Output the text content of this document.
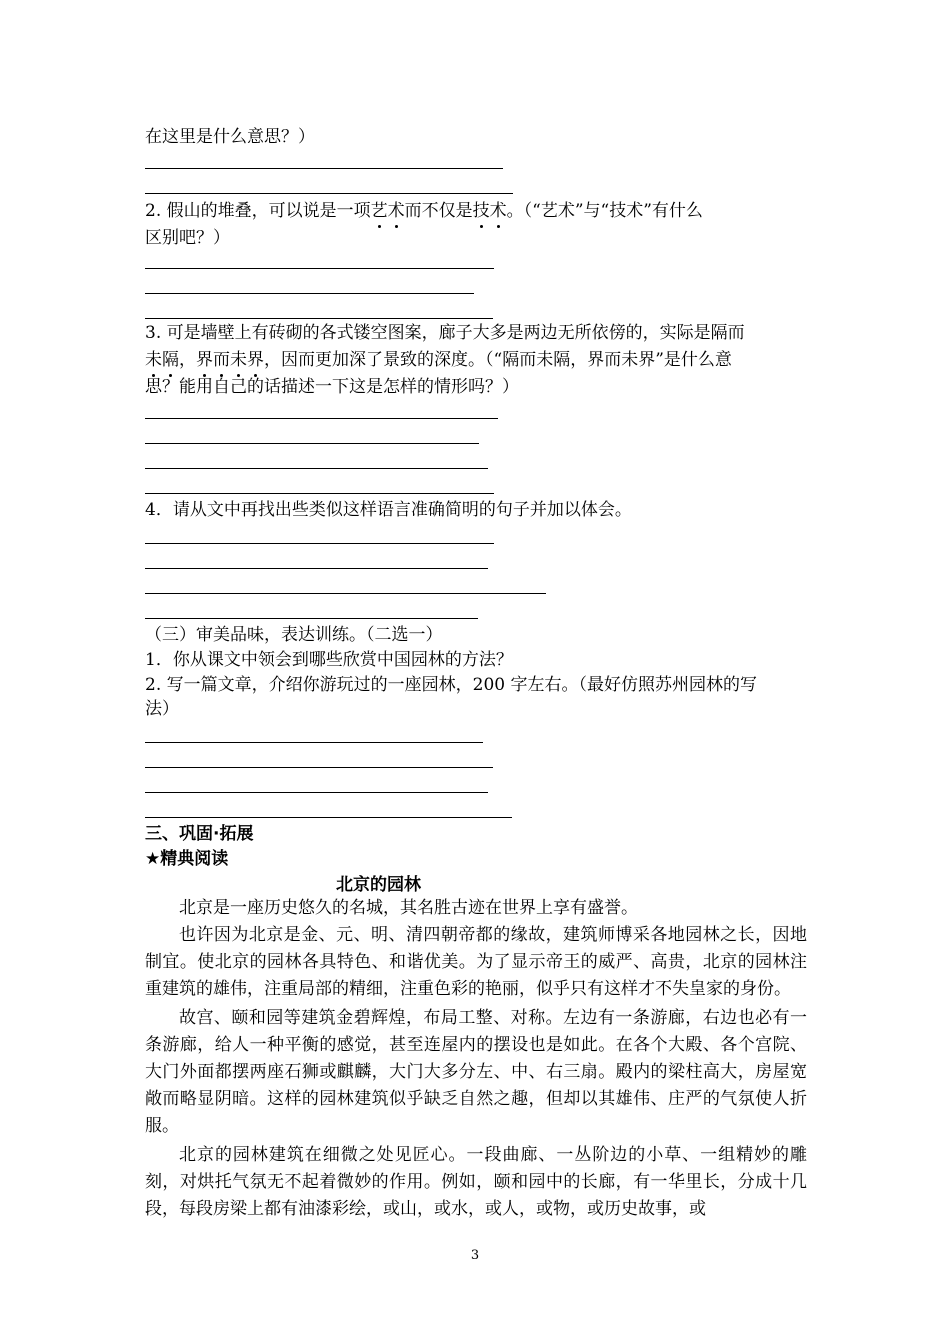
在这里是什么意思？）
2. 假山的堆叠，可以说是一项艺术而不仅是技术。（“艺术”与“技术”有什么
区别吧？）
3. 可是墙壁上有砖砌的各式镂空图案，廊子大多是两边无所依傍的，实际是隔而
未隔，界而未界，因而更加深了景致的深度。（“隔而未隔，界而未界”是什么意
思？能用自己的话描述一下这是怎样的情形吗？）
4．请从文中再找出些类似这样语言准确简明的句子并加以体会。
（三）审美品味，表达训练。（二选一）
1．你从课文中领会到哪些欣赏中国园林的方法？
2. 写一篇文章，介绍你游玩过的一座园林，200 字左右。（最好仿照苏州园林的写
法）
三、巩固·拓展
★精典阅读
北京的园林

北京是一座历史悠久的名城，其名胜古迹在世界上享有盛誉。

也许因为北京是金、元、明、清四朝帝都的缘故，建筑师博采各地园林之长，因地制宜。使北京的园林各具特色、和谐优美。为了显示帝王的威严、高贵，北京的园林注重建筑的雄伟，注重局部的精细，注重色彩的艳丽，似乎只有这样才不失皇家的身份。

故宫、颐和园等建筑金碧辉煌，布局工整、对称。左边有一条游廊，右边也必有一条游廊，给人一种平衡的感觉，甚至连屋内的摆设也是如此。在各个大殿、各个宫院、大门外面都摆两座石狮或麒麟，大门大多分左、中、右三扇。殿内的梁柱高大，房屋宽敞而略显阴暗。这样的园林建筑似乎缺乏自然之趣，但却以其雄伟、庄严的气氛使人折服。

北京的园林建筑在细微之处见匠心。一段曲廊、一丛阶边的小草、一组精妙的雕刻，对烘托气氛无不起着微妙的作用。例如，颐和园中的长廊，有一华里长，分成十几段，每段房梁上都有油漆彩绘，或山，或水，或人，或物，或历史故事，或

3
